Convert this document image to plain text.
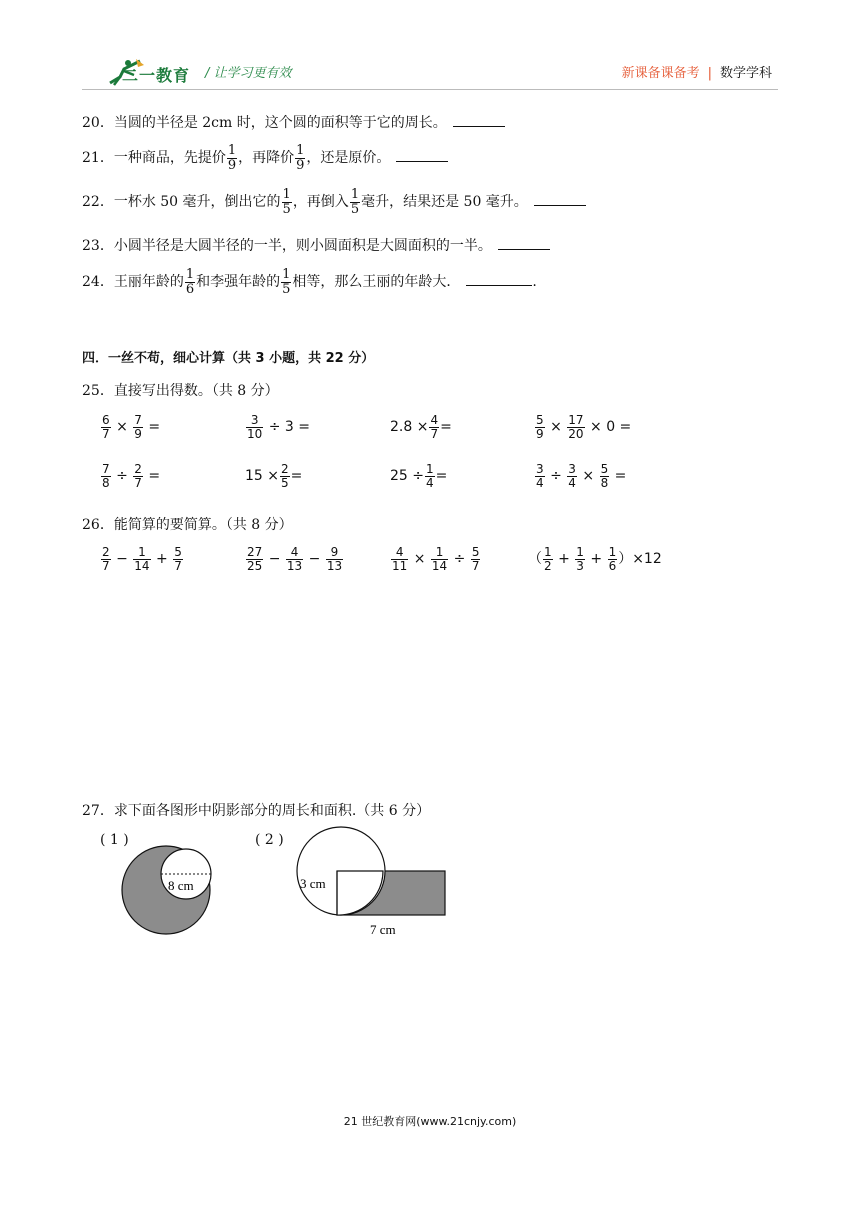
二一教育 / 让学习更有效	新课备课备考 | 数学学科
20．当圆的半径是 2cm 时，这个圆的面积等于它的周长。
21．一种商品，先提价 $\frac{1}{9}$ ，再降价 $\frac{1}{9}$ ，还是原价。
22．一杯水 50 毫升，倒出它的 $\frac{1}{5}$ ，再倒入 $\frac{1}{5}$ 毫升，结果还是 50 毫升。
23．小圆半径是大圆半径的一半，则小圆面积是大圆面积的一半。
24．王丽年龄的 $\frac{1}{6}$ 和李强年龄的 $\frac{1}{5}$ 相等，那么王丽的年龄大．	.
四．一丝不苟，细心计算（共 3 小题，共 22 分）
25．直接写出得数。（共 8 分）
$\frac{6}{7} \times \frac{7}{9}$ =	$\frac{3}{10} \div 3$ =	$2.8 \times \frac{4}{7}$ =	$\frac{5}{9} \times \frac{17}{20} \times 0$ =
$\frac{7}{8} \div \frac{2}{7}$ =	$15 \times \frac{2}{5}$ =	$25 \div \frac{1}{4}$ =	$\frac{3}{4} \div \frac{3}{4} \times \frac{5}{8}$ =
26．能简算的要简算。（共 8 分）
$\frac{2}{7} - \frac{1}{14} + \frac{5}{7}$	$\frac{27}{25} - \frac{4}{13} - \frac{9}{13}$	$\frac{4}{11} \times \frac{1}{14} \div \frac{5}{7}$	（ $\frac{1}{2} + \frac{1}{3} + \frac{1}{6} )\times 12$
27．求下面各图形中阴影部分的周长和面积.（共 6 分）
( 1 )
8 cm
( 2 )
3 cm
7 cm
21 世纪教育网(www.21cnjy.com)
